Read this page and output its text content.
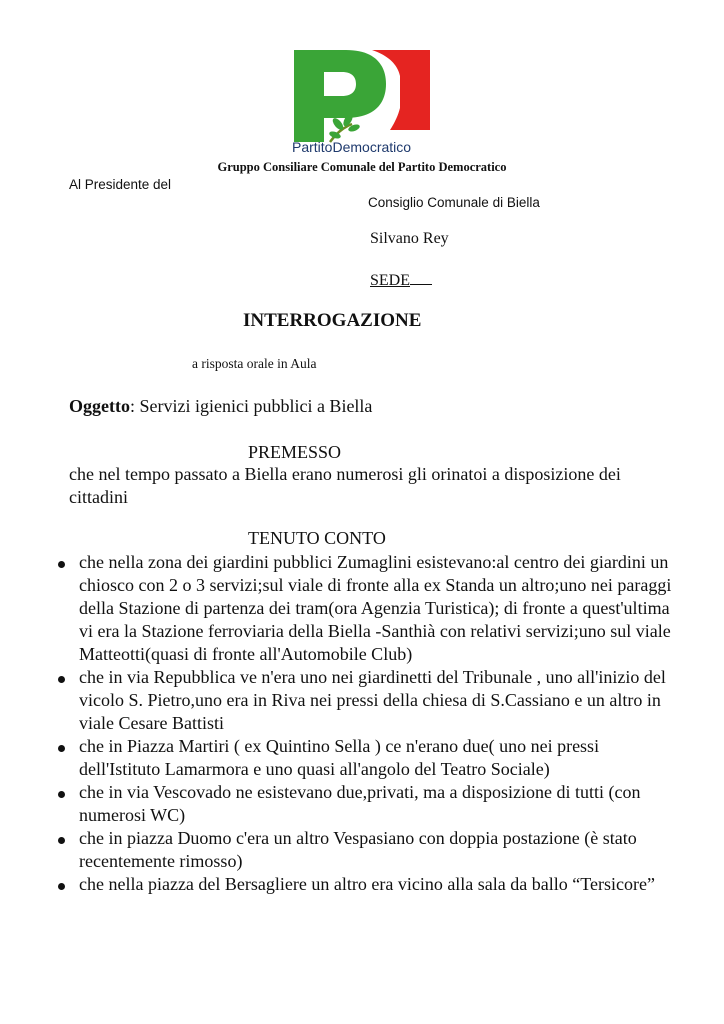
PartitoDemocratico
Gruppo Consiliare Comunale del Partito Democratico
Al Presidente del
Consiglio Comunale di Biella
Silvano Rey
SEDE
INTERROGAZIONE
a risposta orale in Aula
Oggetto: Servizi igienici pubblici a Biella
PREMESSO
che nel tempo passato a Biella erano numerosi gli orinatoi a disposizione dei cittadini
TENUTO CONTO
che nella zona dei giardini pubblici Zumaglini esistevano:al centro dei giardini un chiosco con 2 o 3 servizi;sul viale di fronte alla ex Standa un altro;uno nei paraggi della Stazione di partenza dei tram(ora Agenzia Turistica); di fronte a quest'ultima vi era la Stazione ferroviaria della Biella -Santhià con relativi servizi;uno sul viale Matteotti(quasi di fronte all'Automobile Club)
che in via Repubblica ve n'era uno nei giardinetti del Tribunale , uno all'inizio del vicolo S. Pietro,uno era in Riva nei pressi della chiesa di S.Cassiano e un altro in viale Cesare Battisti
che in Piazza Martiri ( ex Quintino Sella ) ce n'erano due( uno nei pressi dell'Istituto Lamarmora e uno quasi all'angolo del Teatro Sociale)
che in via Vescovado ne esistevano due,privati, ma a disposizione di tutti (con numerosi WC)
che in piazza Duomo c'era un altro Vespasiano con doppia postazione (è stato recentemente rimosso)
che nella piazza del Bersagliere un altro era vicino alla sala da ballo “Tersicore”
